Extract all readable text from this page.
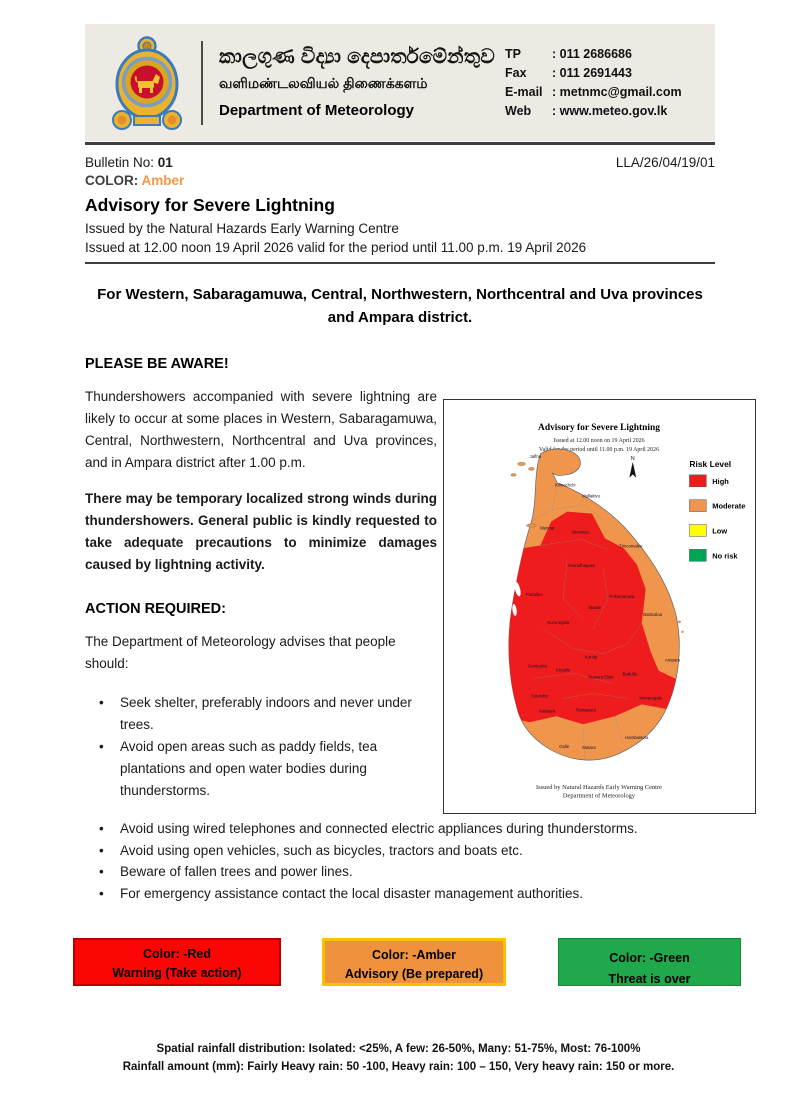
කාලගුණ විද්‍යා දෙපාර්තමේන්තුව
வளிமண்டலவியல் திணைக்களம்
Department of Meteorology
TP	: 011 2686686
Fax	: 011 2691443
E-mail : metnmc@gmail.com
Web	: www.meteo.gov.lk
Bulletin No: 01	LLA/26/04/19/01
COLOR: Amber
Advisory for Severe Lightning
Issued by the Natural Hazards Early Warning Centre
Issued at 12.00 noon 19 April 2026 valid for the period until 11.00 p.m. 19 April 2026
For Western, Sabaragamuwa, Central, Northwestern, Northcentral and Uva provinces and Ampara district.
PLEASE BE AWARE!
Thundershowers accompanied with severe lightning are likely to occur at some places in Western, Sabaragamuwa, Central, Northwestern, Northcentral and Uva provinces, and in Ampara district after 1.00 p.m.
There may be temporary localized strong winds during thundershowers. General public is kindly requested to take adequate precautions to minimize damages caused by lightning activity.
ACTION REQUIRED:
The Department of Meteorology advises that people should:
• Seek shelter, preferably indoors and never under trees.
• Avoid open areas such as paddy fields, tea plantations and open water bodies during thunderstorms.
Advisory for Severe Lightning
Issued at 12.00 noon on 19 April 2026
Valid for the period until 11.00 p.m. 19 April 2026
N	Risk Level
High
Moderate
Low
No risk
Jaffna
Kilinochchi
Mullaitivu
Mannar
Vavuniya
Trincomalee
Anuradhapura
Puttalam	Polonnaruwa
Batticaloa
Matale
Kurunegala
Kandy
Ampara
Gampaha
Kegalle
Nuwara Eliya
Badulla
Colombo	Monaragala
Kalutara	Ratnapura
Hambantota
Galle	Matara
Issued by Natural Hazards Early Warning Centre
Department of Meteorology
• Avoid using wired telephones and connected electric appliances during thunderstorms.
• Avoid using open vehicles, such as bicycles, tractors and boats etc.
• Beware of fallen trees and power lines.
• For emergency assistance contact the local disaster management authorities.
Color: -Red
Warning (Take action)
Color: -Amber
Advisory (Be prepared)
Color: -Green
Threat is over
Spatial rainfall distribution: Isolated: <25%, A few: 26-50%, Many: 51-75%, Most: 76-100%
Rainfall amount (mm): Fairly Heavy rain: 50 -100, Heavy rain: 100 – 150, Very heavy rain: 150 or more.
